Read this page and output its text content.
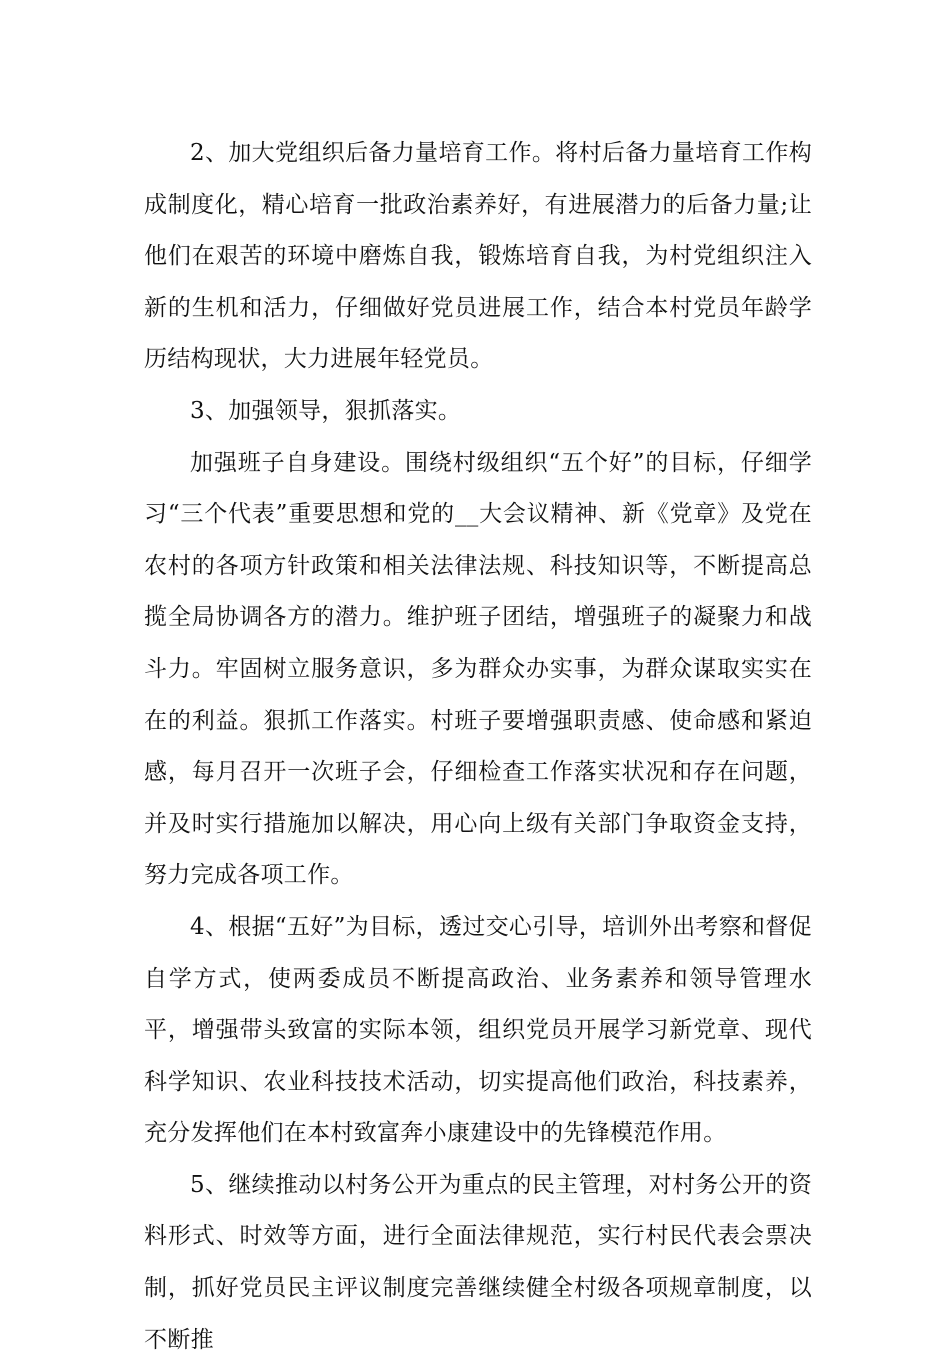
2、加大党组织后备力量培育工作。将村后备力量培育工作构成制度化，精心培育一批政治素养好，有进展潜力的后备力量;让他们在艰苦的环境中磨炼自我，锻炼培育自我，为村党组织注入新的生机和活力，仔细做好党员进展工作，结合本村党员年龄学历结构现状，大力进展年轻党员。

3、加强领导，狠抓落实。

加强班子自身建设。围绕村级组织“五个好”的目标，仔细学习“三个代表”重要思想和党的__大会议精神、新《党章》及党在农村的各项方针政策和相关法律法规、科技知识等，不断提高总揽全局协调各方的潜力。维护班子团结，增强班子的凝聚力和战斗力。牢固树立服务意识，多为群众办实事，为群众谋取实实在在的利益。狠抓工作落实。村班子要增强职责感、使命感和紧迫感，每月召开一次班子会，仔细检查工作落实状况和存在问题，并及时实行措施加以解决，用心向上级有关部门争取资金支持，努力完成各项工作。

4、根据“五好”为目标，透过交心引导，培训外出考察和督促自学方式，使两委成员不断提高政治、业务素养和领导管理水平，增强带头致富的实际本领，组织党员开展学习新党章、现代科学知识、农业科技技术活动，切实提高他们政治，科技素养，充分发挥他们在本村致富奔小康建设中的先锋模范作用。

5、继续推动以村务公开为重点的民主管理，对村务公开的资料形式、时效等方面，进行全面法律规范，实行村民代表会票决制，抓好党员民主评议制度完善继续健全村级各项规章制度，以不断推
